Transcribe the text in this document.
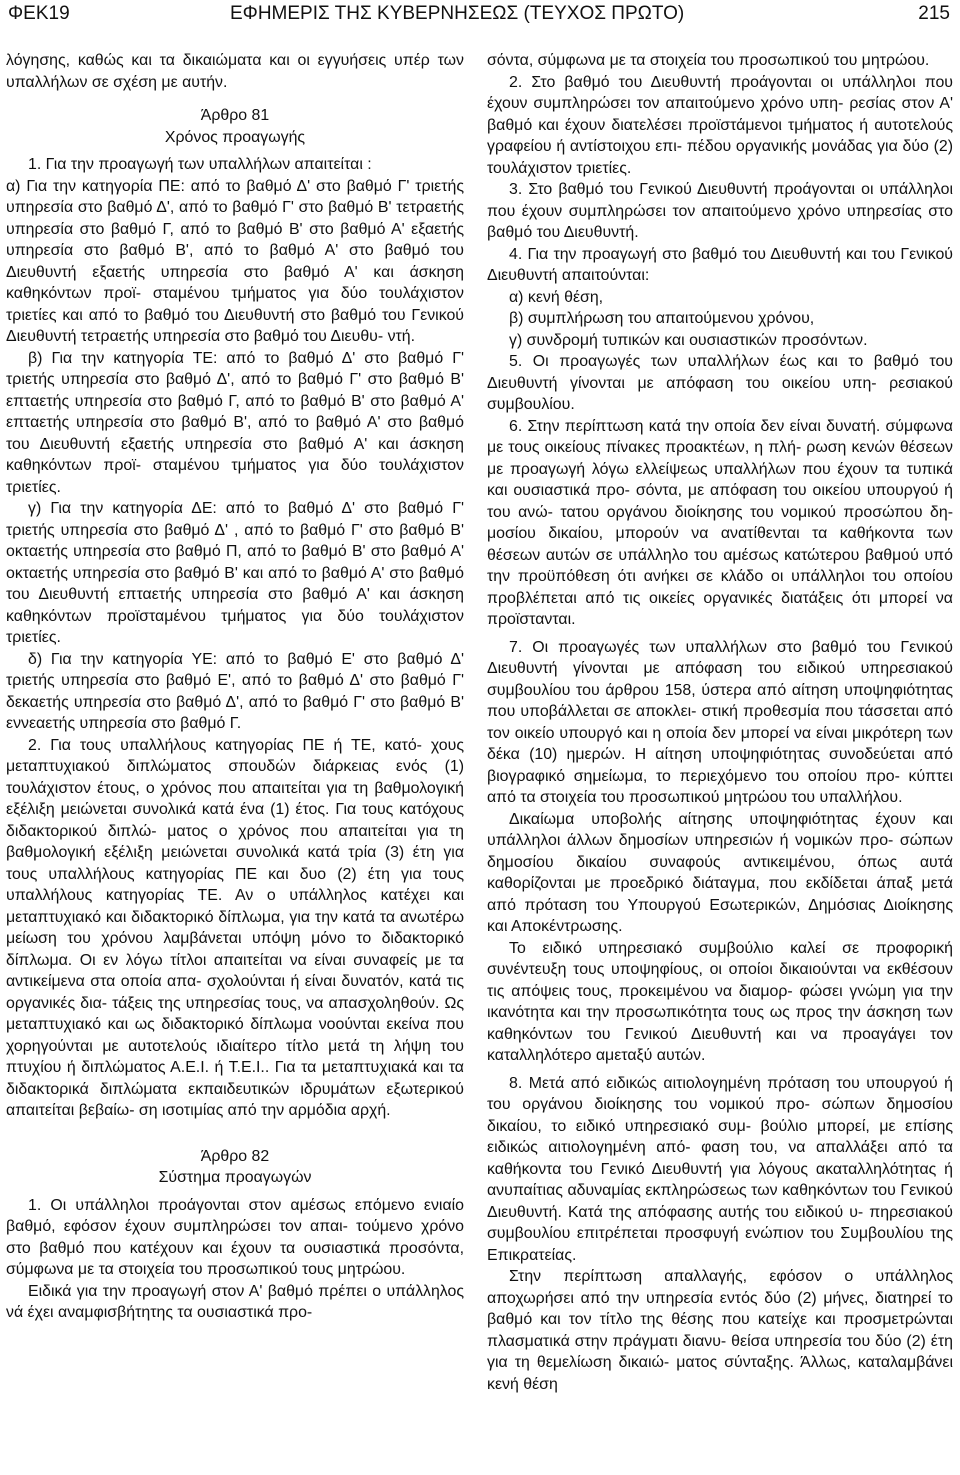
ΦΕΚ19	ΕΦΗΜΕΡΙΣ ΤΗΣ ΚΥΒΕΡΝΗΣΕΩΣ (ΤΕΥΧΟΣ ΠΡΩΤΟ)	215

λόγησης, καθώς και τα δικαιώματα και οι εγγυήσεις υπέρ των υπαλλήλων σε σχέση με αυτήν.

Άρθρο 81

Χρόνος προαγωγής

1. Για την προαγωγή των υπαλλήλων απαιτείται :

α) Για την κατηγορία ΠΕ: από το βαθμό Δ' στο βαθμό Γ' τριετής υπηρεσία στο βαθμό Δ', από το βαθμό Γ' στο βαθμό Β' τετραετής υπηρεσία στο βαθμό Γ, από το βαθμό Β' στο βαθμό Α' εξαετής υπηρεσία στο βαθμό Β', από το βαθμό Α' στο βαθμό του Διευθυντή εξαετής υπηρεσία στο βαθμό Α' και άσκηση καθηκόντων προϊ- σταμένου τμήματος για δύο τουλάχιστον τριετίες και από το βαθμό του Διευθυντή στο βαθμό του Γενικού Διευθυντή τετραετής υπηρεσία στο βαθμό του Διευθυ- ντή.

β) Για την κατηγορία ΤΕ: από το βαθμό Δ' στο βαθμό Γ' τριετής υπηρεσία στο βαθμό Δ', από το βαθμό Γ' στο βαθμό Β' επταετής υπηρεσία στο βαθμό Γ, από το βαθμό Β' στο βαθμό Α' επταετής υπηρεσία στο βαθμό Β', από το βαθμό Α' στο βαθμό του Διευθυντή εξαετής υπηρεσία στο βαθμό Α' και άσκηση καθηκόντων προϊ- σταμένου τμήματος για δύο τουλάχιστον τριετίες.

γ) Για την κατηγορία ΔΕ: από το βαθμό Δ' στο βαθμό Γ' τριετής υπηρεσία στο βαθμό Δ' , από το βαθμό Γ' στο βαθμό Β' οκταετής υπηρεσία στο βαθμό Π, από το βαθμό Β' στο βαθμό Α' οκταετής υπηρεσία στο βαθμό Β' και από το βαθμό Α' στο βαθμό του Διευθυντή επταετής υπηρεσία στο βαθμό Α' και άσκηση καθηκόντων προϊσταμένου τμήματος για δύο τουλάχιστον τριετίες.

δ) Για την κατηγορία ΥΕ: από το βαθμό Ε' στο βαθμό Δ' τριετής υπηρεσία στο βαθμό Ε', από το βαθμό Δ' στο βαθμό Γ' δεκαετής υπηρεσία στο βαθμό Δ', από το βαθμό Γ' στο βαθμό Β' εννεαετής υπηρεσία στο βαθμό Γ.

2. Για τους υπαλλήλους κατηγορίας ΠΕ ή ΤΕ, κατό- χους μεταπτυχιακού διπλώματος σπουδών διάρκειας ενός (1) τουλάχιστον έτους, ο χρόνος που απαιτείται για τη βαθμολογική εξέλιξη μειώνεται συνολικά κατά ένα (1) έτος. Για τους κατόχους διδακτορικού διπλώ- ματος ο χρόνος που απαιτείται για τη βαθμολογική εξέλιξη μειώνεται συνολικά κατά τρία (3) έτη για τους υπαλλήλους κατηγορίας ΠΕ και δυο (2) έτη για τους υπαλλήλους κατηγορίας ΤΕ. Αν ο υπάλληλος κατέχει και μεταπτυχιακό και διδακτορικό δίπλωμα, για την κατά τα ανωτέρω μείωση του χρόνου λαμβάνεται υπόψη μόνο το διδακτορικό δίπλωμα. Οι εν λόγω τίτλοι απαιτείται να είναι συναφείς με τα αντικείμενα στα οποία απα- σχολούνται ή είναι δυνατόν, κατά τις οργανικές δια- τάξεις της υπηρεσίας τους, να απασχοληθούν. Ως μεταπτυχιακό και ως διδακτορικό δίπλωμα νοούνται εκείνα που χορηγούνται με αυτοτελούς ιδιαίτερο τίτλο μετά τη λήψη του πτυχίου ή διπλώματος Α.Ε.Ι. ή Τ.Ε.Ι.. Για τα μεταπτυχιακά και τα διδακτορικά διπλώματα εκπαιδευτικών ιδρυμάτων εξωτερικού απαιτείται βεβαίω- ση ισοτιμίας από την αρμόδια αρχή.

Άρθρο 82

Σύστημα προαγωγών

1. Οι υπάλληλοι προάγονται στον αμέσως επόμενο ενιαίο βαθμό, εφόσον έχουν συμπληρώσει τον απαι- τούμενο χρόνο στο βαθμό που κατέχουν και έχουν τα ουσιαστικά προσόντα, σύμφωνα με τα στοιχεία του προσωπικού τους μητρώου.

Ειδικά για την προαγωγή στον Α' βαθμό πρέπει ο υπάλληλος νά έχει αναμφισβήτητης τα ουσιαστικά προ-

σόντα, σύμφωνα με τα στοιχεία του προσωπικού του μητρώου.

2. Στο βαθμό του Διευθυντή προάγονται οι υπάλληλοι που έχουν συμπληρώσει τον απαιτούμενο χρόνο υπη- ρεσίας στον Α' βαθμό και έχουν διατελέσει προϊστάμενοι τμήματος ή αυτοτελούς γραφείου ή αντίστοιχου επι- πέδου οργανικής μονάδας για δύο (2) τουλάχιστον τριετίες.

3. Στο βαθμό του Γενικού Διευθυντή προάγονται οι υπάλληλοι που έχουν συμπληρώσει τον απαιτούμενο χρόνο υπηρεσίας στο βαθμό του Διευθυντή.

4. Για την προαγωγή στο βαθμό του Διευθυντή και του Γενικού Διευθυντή απαιτούνται:

α) κενή θέση,

β) συμπλήρωση του απαιτούμενου χρόνου,

γ) συνδρομή τυπικών και ουσιαστικών προσόντων.

5. Οι προαγωγές των υπαλλήλων έως και το βαθμό του Διευθυντή γίνονται με απόφαση του οικείου υπη- ρεσιακού συμβουλίου.

6. Στην περίπτωση κατά την οποία δεν είναι δυνατή. σύμφωνα με τους οικείους πίνακες προακτέων, η πλή- ρωση κενών θέσεων με προαγωγή λόγω ελλείψεως υπαλλήλων που έχουν τα τυπικά και ουσιαστικά προ- σόντα, με απόφαση του οικείου υπουργού ή του ανώ- τατου οργάνου διοίκησης του νομικού προσώπου δη- μοσίου δικαίου, μπορούν να ανατίθενται τα καθήκοντα των θέσεων αυτών σε υπάλληλο του αμέσως κατώτερου βαθμού υπό την προϋπόθεση ότι ανήκει σε κλάδο οι υπάλληλοι του οποίου προβλέπεται από τις οικείες οργανικές διατάξεις ότι μπορεί να προϊστανται.

7. Οι προαγωγές των υπαλλήλων στο βαθμό του Γενικού Διευθυντή γίνονται με απόφαση του ειδικού υπηρεσιακού συμβουλίου του άρθρου 158, ύστερα από αίτηση υποψηφιότητας που υποβάλλεται σε αποκλει- στική προθεσμία που τάσσεται από τον οικείο υπουργό και η οποία δεν μπορεί να είναι μικρότερη των δέκα (10) ημερών. Η αίτηση υποψηφιότητας συνοδεύεται από βιογραφικό σημείωμα, το περιεχόμενο του οποίου προ- κύπτει από τα στοιχεία του προσωπικού μητρώου του υπαλλήλου.

Δικαίωμα υποβολής αίτησης υποψηφιότητας έχουν και υπάλληλοι άλλων δημοσίων υπηρεσιών ή νομικών προ- σώπων δημοσίου δικαίου συναφούς αντικειμένου, όπως αυτά καθορίζονται με προεδρικό διάταγμα, που εκδίδεται άπαξ μετά από πρόταση του Υπουργού Εσωτερικών, Δημόσιας Διοίκησης και Αποκέντρωσης.

Το ειδικό υπηρεσιακό συμβούλιο καλεί σε προφορική συνέντευξη τους υποψηφίους, οι οποίοι δικαιούνται να εκθέσουν τις απόψεις τους, προκειμένου να διαμορ- φώσει γνώμη για την ικανότητα και την προσωπικότητα τους ως προς την άσκηση των καθηκόντων του Γενικού Διευθυντή και να προαγάγει τον καταλληλότερο αμεταξύ αυτών.

8. Μετά από ειδικώς αιτιολογημένη πρόταση του υπουργού ή του οργάνου διοίκησης του νομικού προ- σώπων δημοσίου δικαίου, το ειδικό υπηρεσιακό συμ- βούλιο μπορεί, με επίσης ειδικώς αιτιολογημένη από- φαση του, να απαλλάξει από τα καθήκοντα του Γενικό Διευθυντή για λόγους ακαταλληλότητας ή ανυπαίτιας αδυναμίας εκπληρώσεως των καθηκόντων του Γενικού Διευθυντή. Κατά της απόφασης αυτής του ειδικού υ- πηρεσιακού συμβουλίου επιτρέπεται προσφυγή ενώπιον του Συμβουλίου της Επικρατείας.

Στην περίπτωση απαλλαγής, εφόσον ο υπάλληλος αποχωρήσει από την υπηρεσία εντός δύο (2) μήνες, διατηρεί το βαθμό και τον τίτλο της θέσης που κατείχε και προσμετρώνται πλασματικά στην πράγματι διανυ- θείσα υπηρεσία του δύο (2) έτη για τη θεμελίωση δικαιώ- ματος σύνταξης. Άλλως, καταλαμβάνει κενή θέση
